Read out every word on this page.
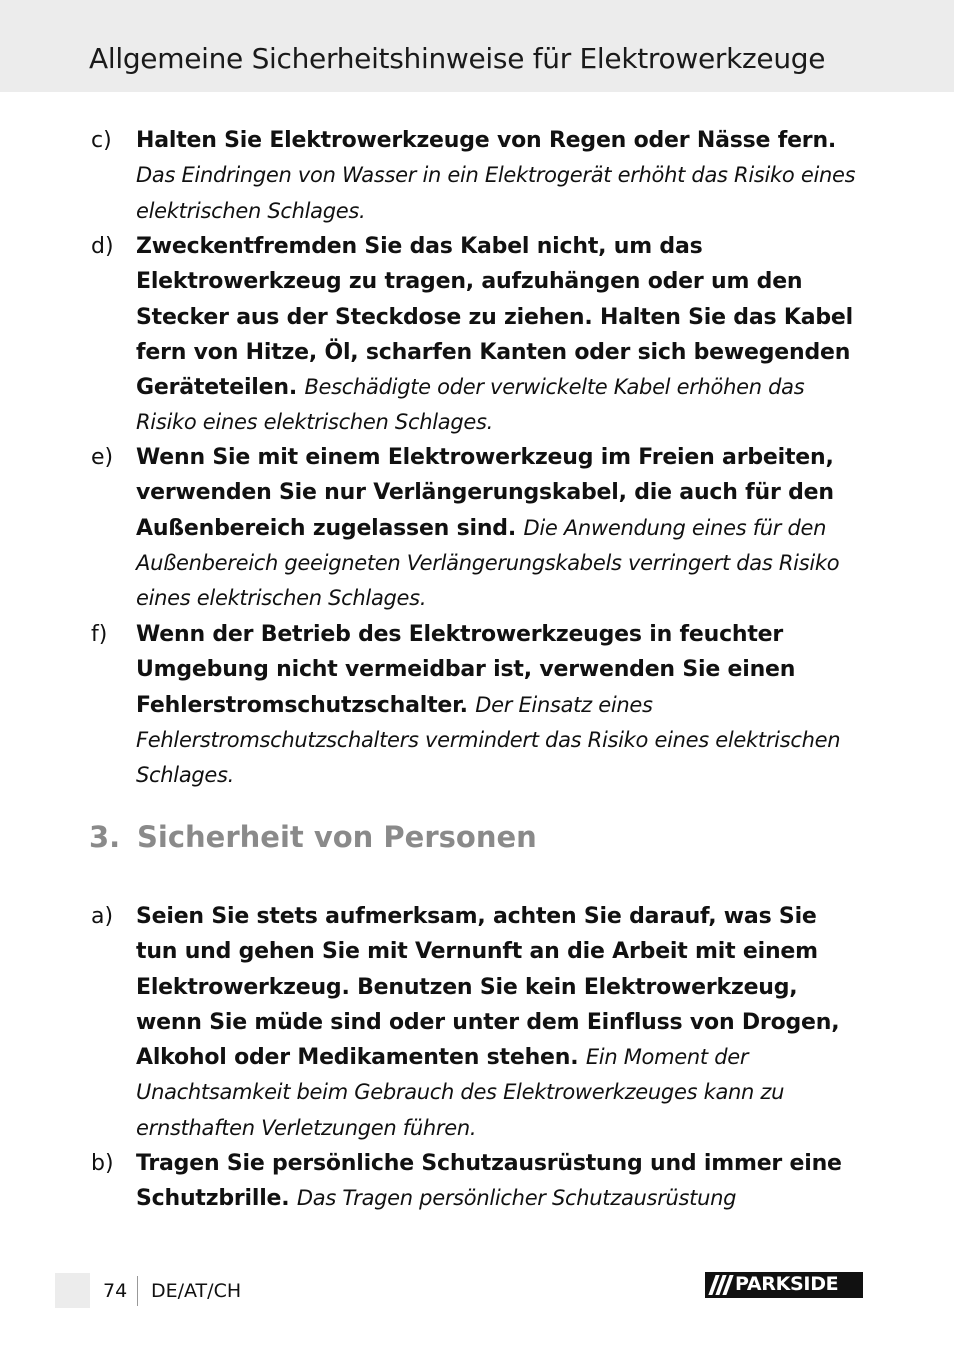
Allgemeine Sicherheitshinweise für Elektrowerkzeuge
c) Halten Sie Elektrowerkzeuge von Regen oder Nässe fern. Das Eindringen von Wasser in ein Elektrogerät erhöht das Risiko eines elektrischen Schlages.
d) Zweckentfremden Sie das Kabel nicht, um das Elektrowerkzeug zu tragen, aufzuhängen oder um den Stecker aus der Steckdose zu ziehen. Halten Sie das Kabel fern von Hitze, Öl, scharfen Kanten oder sich bewegenden Geräteteilen. Beschädigte oder verwickelte Kabel erhöhen das Risiko eines elektrischen Schlages.
e) Wenn Sie mit einem Elektrowerkzeug im Freien arbeiten, verwenden Sie nur Verlängerungskabel, die auch für den Außenbereich zugelassen sind. Die Anwendung eines für den Außenbereich geeigneten Verlängerungskabels verringert das Risiko eines elektrischen Schlages.
f) Wenn der Betrieb des Elektrowerkzeuges in feuchter Umgebung nicht vermeidbar ist, verwenden Sie einen Fehlerstromschutzschalter. Der Einsatz eines Fehlerstromschutzschalters vermindert das Risiko eines elektrischen Schlages.
3. Sicherheit von Personen
a) Seien Sie stets aufmerksam, achten Sie darauf, was Sie tun und gehen Sie mit Vernunft an die Arbeit mit einem Elektrowerkzeug. Benutzen Sie kein Elektrowerkzeug, wenn Sie müde sind oder unter dem Einfluss von Drogen, Alkohol oder Medikamenten stehen. Ein Moment der Unachtsamkeit beim Gebrauch des Elektrowerkzeuges kann zu ernsthaften Verletzungen führen.
b) Tragen Sie persönliche Schutzausrüstung und immer eine Schutzbrille. Das Tragen persönlicher Schutzausrüstung
74 DE/AT/CH	PARKSIDE
